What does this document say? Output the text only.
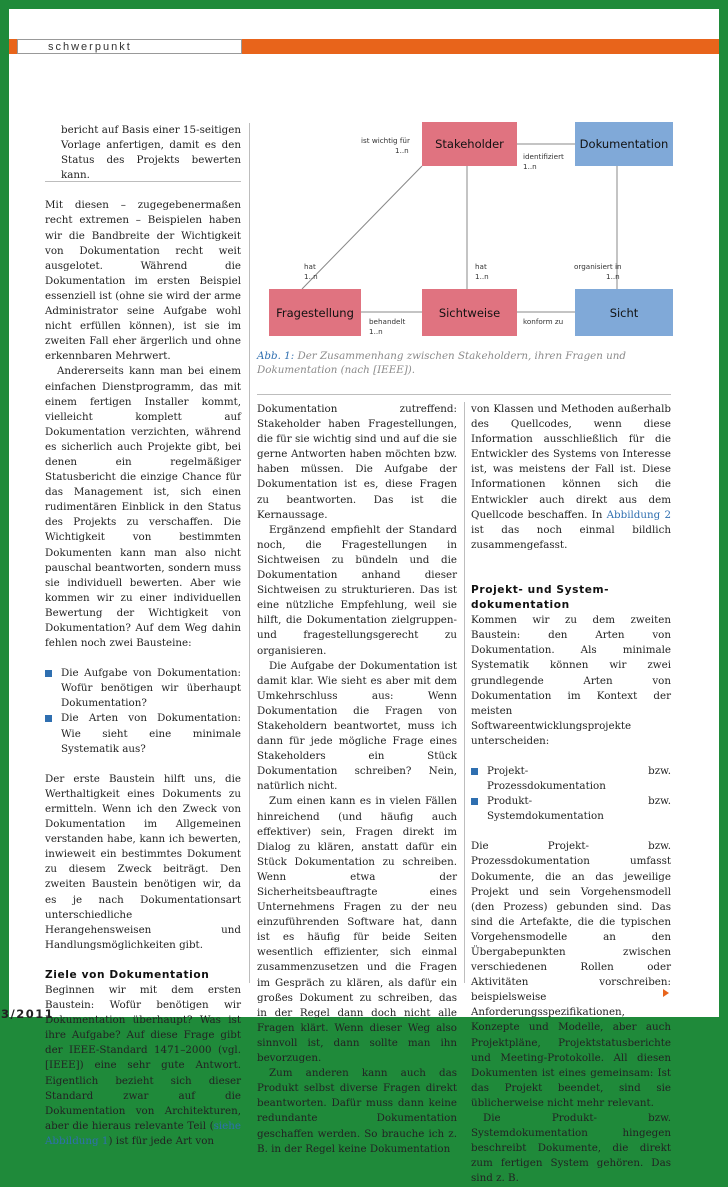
schwerpunkt
Stakeholder	Dokumentation
Fragestellung	Sichtweise	Sicht
ist wichtig für
1..n
identifiziert
1..n
hat
1..n
hat
1..n
organisiert in
1..n
behandelt
1..n
konform zu
Abb. 1: Der Zusammenhang zwischen Stakeholdern, ihren Fragen und Dokumentation (nach [IEEE]).

bericht auf Basis einer 15-seitigen Vorlage anfertigen, damit es den Status des Projekts bewerten kann.

Mit diesen – zugegebenermaßen recht extremen – Beispielen haben wir die Bandbreite der Wichtigkeit von Dokumentation recht weit ausgelotet. Während die Dokumentation im ersten Beispiel essenziell ist (ohne sie wird der arme Administrator seine Aufgabe wohl nicht erfüllen können), ist sie im zweiten Fall eher ärgerlich und ohne erkennbaren Mehrwert.

Andererseits kann man bei einem einfachen Dienstprogramm, das mit einem fertigen Installer kommt, vielleicht komplett auf Dokumentation verzichten, während es sicherlich auch Projekte gibt, bei denen ein regelmäßiger Statusbericht die einzige Chance für das Management ist, sich einen rudimentären Einblick in den Status des Projekts zu verschaffen. Die Wichtigkeit von bestimmten Dokumenten kann man also nicht pauschal beantworten, sondern muss sie individuell bewerten. Aber wie kommen wir zu einer individuellen Bewertung der Wichtigkeit von Dokumentation? Auf dem Weg dahin fehlen noch zwei Bausteine:

Die Aufgabe von Dokumentation: Wofür benötigen wir überhaupt Dokumentation?
Die Arten von Dokumentation: Wie sieht eine minimale Systematik aus?

Der erste Baustein hilft uns, die Werthaltigkeit eines Dokuments zu ermitteln. Wenn ich den Zweck von Dokumentation im Allgemeinen verstanden habe, kann ich bewerten, inwieweit ein bestimmtes Dokument zu diesem Zweck beiträgt. Den zweiten Baustein benötigen wir, da es je nach Dokumentationsart unterschiedliche Herangehensweisen und Handlungsmöglichkeiten gibt.

Ziele von Dokumentation

Beginnen wir mit dem ersten Baustein: Wofür benötigen wir Dokumentation überhaupt? Was ist ihre Aufgabe? Auf diese Frage gibt der IEEE-Standard 1471–2000 (vgl. [IEEE]) eine sehr gute Antwort. Eigentlich bezieht sich dieser Standard zwar auf die Dokumentation von Architekturen, aber die hieraus relevante Teil (siehe Abbildung 1) ist für jede Art von

Dokumentation zutreffend: Stakeholder haben Fragestellungen, die für sie wichtig sind und auf die sie gerne Antworten haben möchten bzw. haben müssen. Die Aufgabe der Dokumentation ist es, diese Fragen zu beantworten. Das ist die Kernaussage.

Ergänzend empfiehlt der Standard noch, die Fragestellungen in Sichtweisen zu bündeln und die Dokumentation anhand dieser Sichtweisen zu strukturieren. Das ist eine nützliche Empfehlung, weil sie hilft, die Dokumentation zielgruppen- und fragestellungsgerecht zu organisieren.

Die Aufgabe der Dokumentation ist damit klar. Wie sieht es aber mit dem Umkehrschluss aus: Wenn Dokumentation die Fragen von Stakeholdern beantwortet, muss ich dann für jede mögliche Frage eines Stakeholders ein Stück Dokumentation schreiben? Nein, natürlich nicht.

Zum einen kann es in vielen Fällen hinreichend (und häufig auch effektiver) sein, Fragen direkt im Dialog zu klären, anstatt dafür ein Stück Dokumentation zu schreiben. Wenn etwa der Sicherheitsbeauftragte eines Unternehmens Fragen zu der neu einzuführenden Software hat, dann ist es häufig für beide Seiten wesentlich effizienter, sich einmal zusammenzusetzen und die Fragen im Gespräch zu klären, als dafür ein großes Dokument zu schreiben, das in der Regel dann doch nicht alle Fragen klärt. Wenn dieser Weg also sinnvoll ist, dann sollte man ihn bevorzugen.

Zum anderen kann auch das Produkt selbst diverse Fragen direkt beantworten. Dafür muss dann keine redundante Dokumentation geschaffen werden. So brauche ich z. B. in der Regel keine Dokumentation

von Klassen und Methoden außerhalb des Quellcodes, wenn diese Information ausschließlich für die Entwickler des Systems von Interesse ist, was meistens der Fall ist. Diese Informationen können sich die Entwickler auch direkt aus dem Quellcode beschaffen. In Abbildung 2 ist das noch einmal bildlich zusammengefasst.

Projekt- und System-dokumentation

Kommen wir zu dem zweiten Baustein: den Arten von Dokumentation. Als minimale Systematik können wir zwei grundlegende Arten von Dokumentation im Kontext der meisten Softwareentwicklungsprojekte unterscheiden:

Projekt- bzw. Prozessdokumentation
Produkt- bzw. Systemdokumentation

Die Projekt- bzw. Prozessdokumentation umfasst Dokumente, die an das jeweilige Projekt und sein Vorgehensmodell (den Prozess) gebunden sind. Das sind die Artefakte, die die typischen Vorgehensmodelle an den Übergabepunkten zwischen verschiedenen Rollen oder Aktivitäten vorschreiben: beispielsweise Anforderungsspezifikationen, Konzepte und Modelle, aber auch Projektpläne, Projektstatusberichte und Meeting-Protokolle. All diesen Dokumenten ist eines gemeinsam: Ist das Projekt beendet, sind sie üblicherweise nicht mehr relevant.

Die Produkt- bzw. Systemdokumentation hingegen beschreibt Dokumente, die direkt zum fertigen System gehören. Das sind z. B.

3/2011
